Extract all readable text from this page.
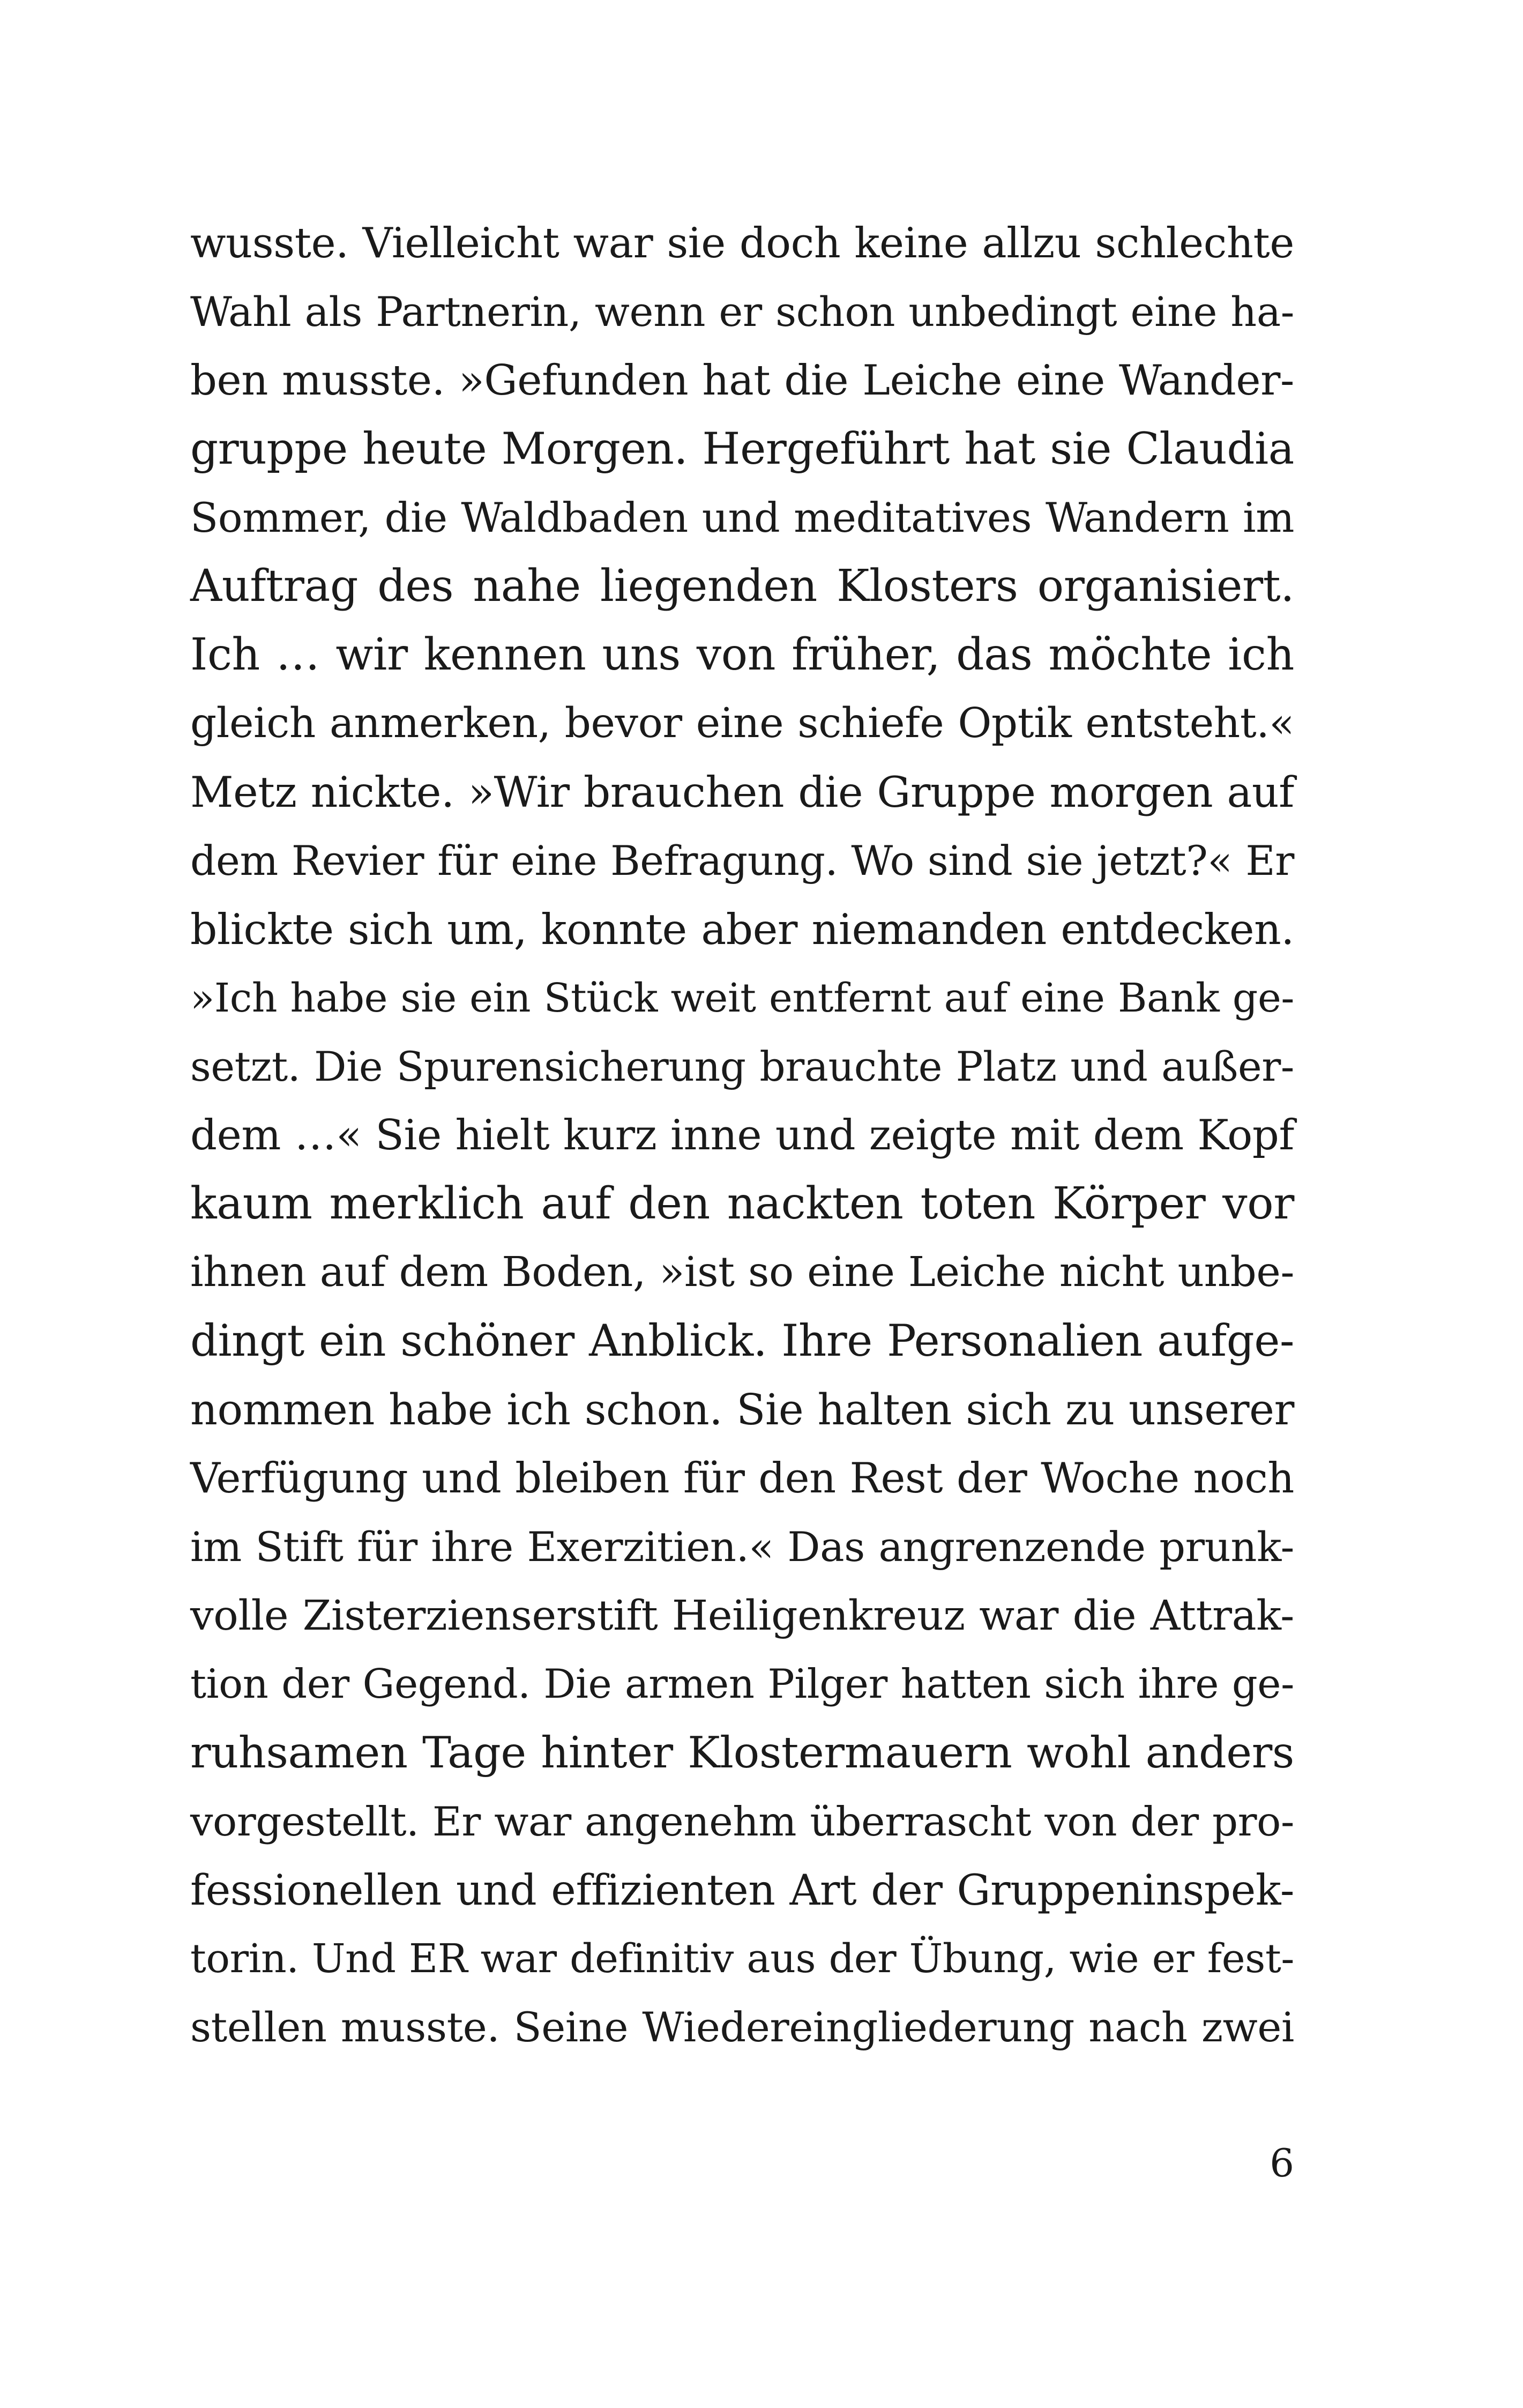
wusste. Vielleicht war sie doch keine allzu schlechte
Wahl als Partnerin, wenn er schon unbedingt eine ha-
ben musste. »Gefunden hat die Leiche eine Wander-
gruppe heute Morgen. Hergeführt hat sie Claudia
Sommer, die Waldbaden und meditatives Wandern im
Auftrag des nahe liegenden Klosters organisiert.
Ich … wir kennen uns von früher, das möchte ich
gleich anmerken, bevor eine schiefe Optik entsteht.«
Metz nickte. »Wir brauchen die Gruppe morgen auf
dem Revier für eine Befragung. Wo sind sie jetzt?« Er
blickte sich um, konnte aber niemanden entdecken.
»Ich habe sie ein Stück weit entfernt auf eine Bank ge-
setzt. Die Spurensicherung brauchte Platz und außer-
dem …« Sie hielt kurz inne und zeigte mit dem Kopf
kaum merklich auf den nackten toten Körper vor
ihnen auf dem Boden, »ist so eine Leiche nicht unbe-
dingt ein schöner Anblick. Ihre Personalien aufge-
nommen habe ich schon. Sie halten sich zu unserer
Verfügung und bleiben für den Rest der Woche noch
im Stift für ihre Exerzitien.« Das angrenzende prunk-
volle Zisterzienserstift Heiligenkreuz war die Attrak-
tion der Gegend. Die armen Pilger hatten sich ihre ge-
ruhsamen Tage hinter Klostermauern wohl anders
vorgestellt. Er war angenehm überrascht von der pro-
fessionellen und effizienten Art der Gruppeninspek-
torin. Und ER war definitiv aus der Übung, wie er fest-
stellen musste. Seine Wiedereingliederung nach zwei
6
